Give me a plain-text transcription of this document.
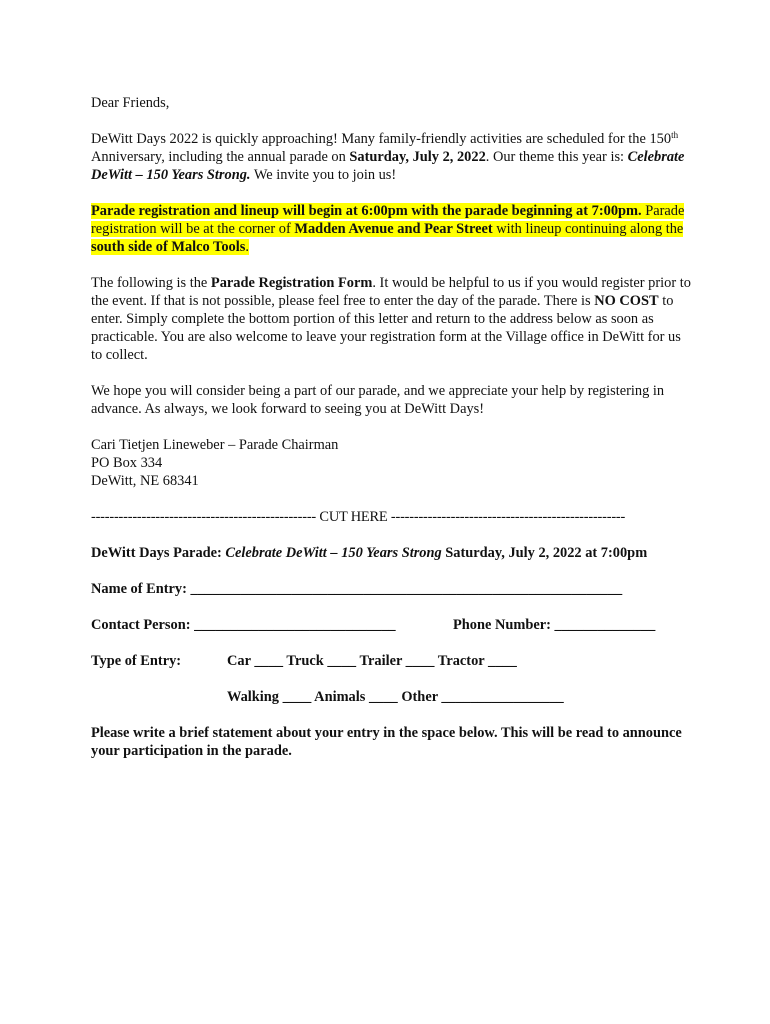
Dear Friends,

DeWitt Days 2022 is quickly approaching! Many family-friendly activities are scheduled for the 150th Anniversary, including the annual parade on Saturday, July 2, 2022. Our theme this year is: Celebrate DeWitt – 150 Years Strong. We invite you to join us!

Parade registration and lineup will begin at 6:00pm with the parade beginning at 7:00pm. Parade registration will be at the corner of Madden Avenue and Pear Street with lineup continuing along the south side of Malco Tools.

The following is the Parade Registration Form. It would be helpful to us if you would register prior to the event. If that is not possible, please feel free to enter the day of the parade. There is NO COST to enter. Simply complete the bottom portion of this letter and return to the address below as soon as practicable. You are also welcome to leave your registration form at the Village office in DeWitt for us to collect.

We hope you will consider being a part of our parade, and we appreciate your help by registering in advance. As always, we look forward to seeing you at DeWitt Days!

Cari Tietjen Lineweber – Parade Chairman

PO Box 334

DeWitt, NE 68341

------------------------------------------------- CUT HERE ---------------------------------------------------

DeWitt Days Parade: Celebrate DeWitt – 150 Years Strong Saturday, July 2, 2022 at 7:00pm

Name of Entry: ____________________________________________________________
Contact Person: ____________________________	Phone Number: ______________
Type of Entry:	Car ____ Truck ____ Trailer ____ Tractor ____
Walking ____ Animals ____ Other _________________

Please write a brief statement about your entry in the space below. This will be read to announce your participation in the parade.
